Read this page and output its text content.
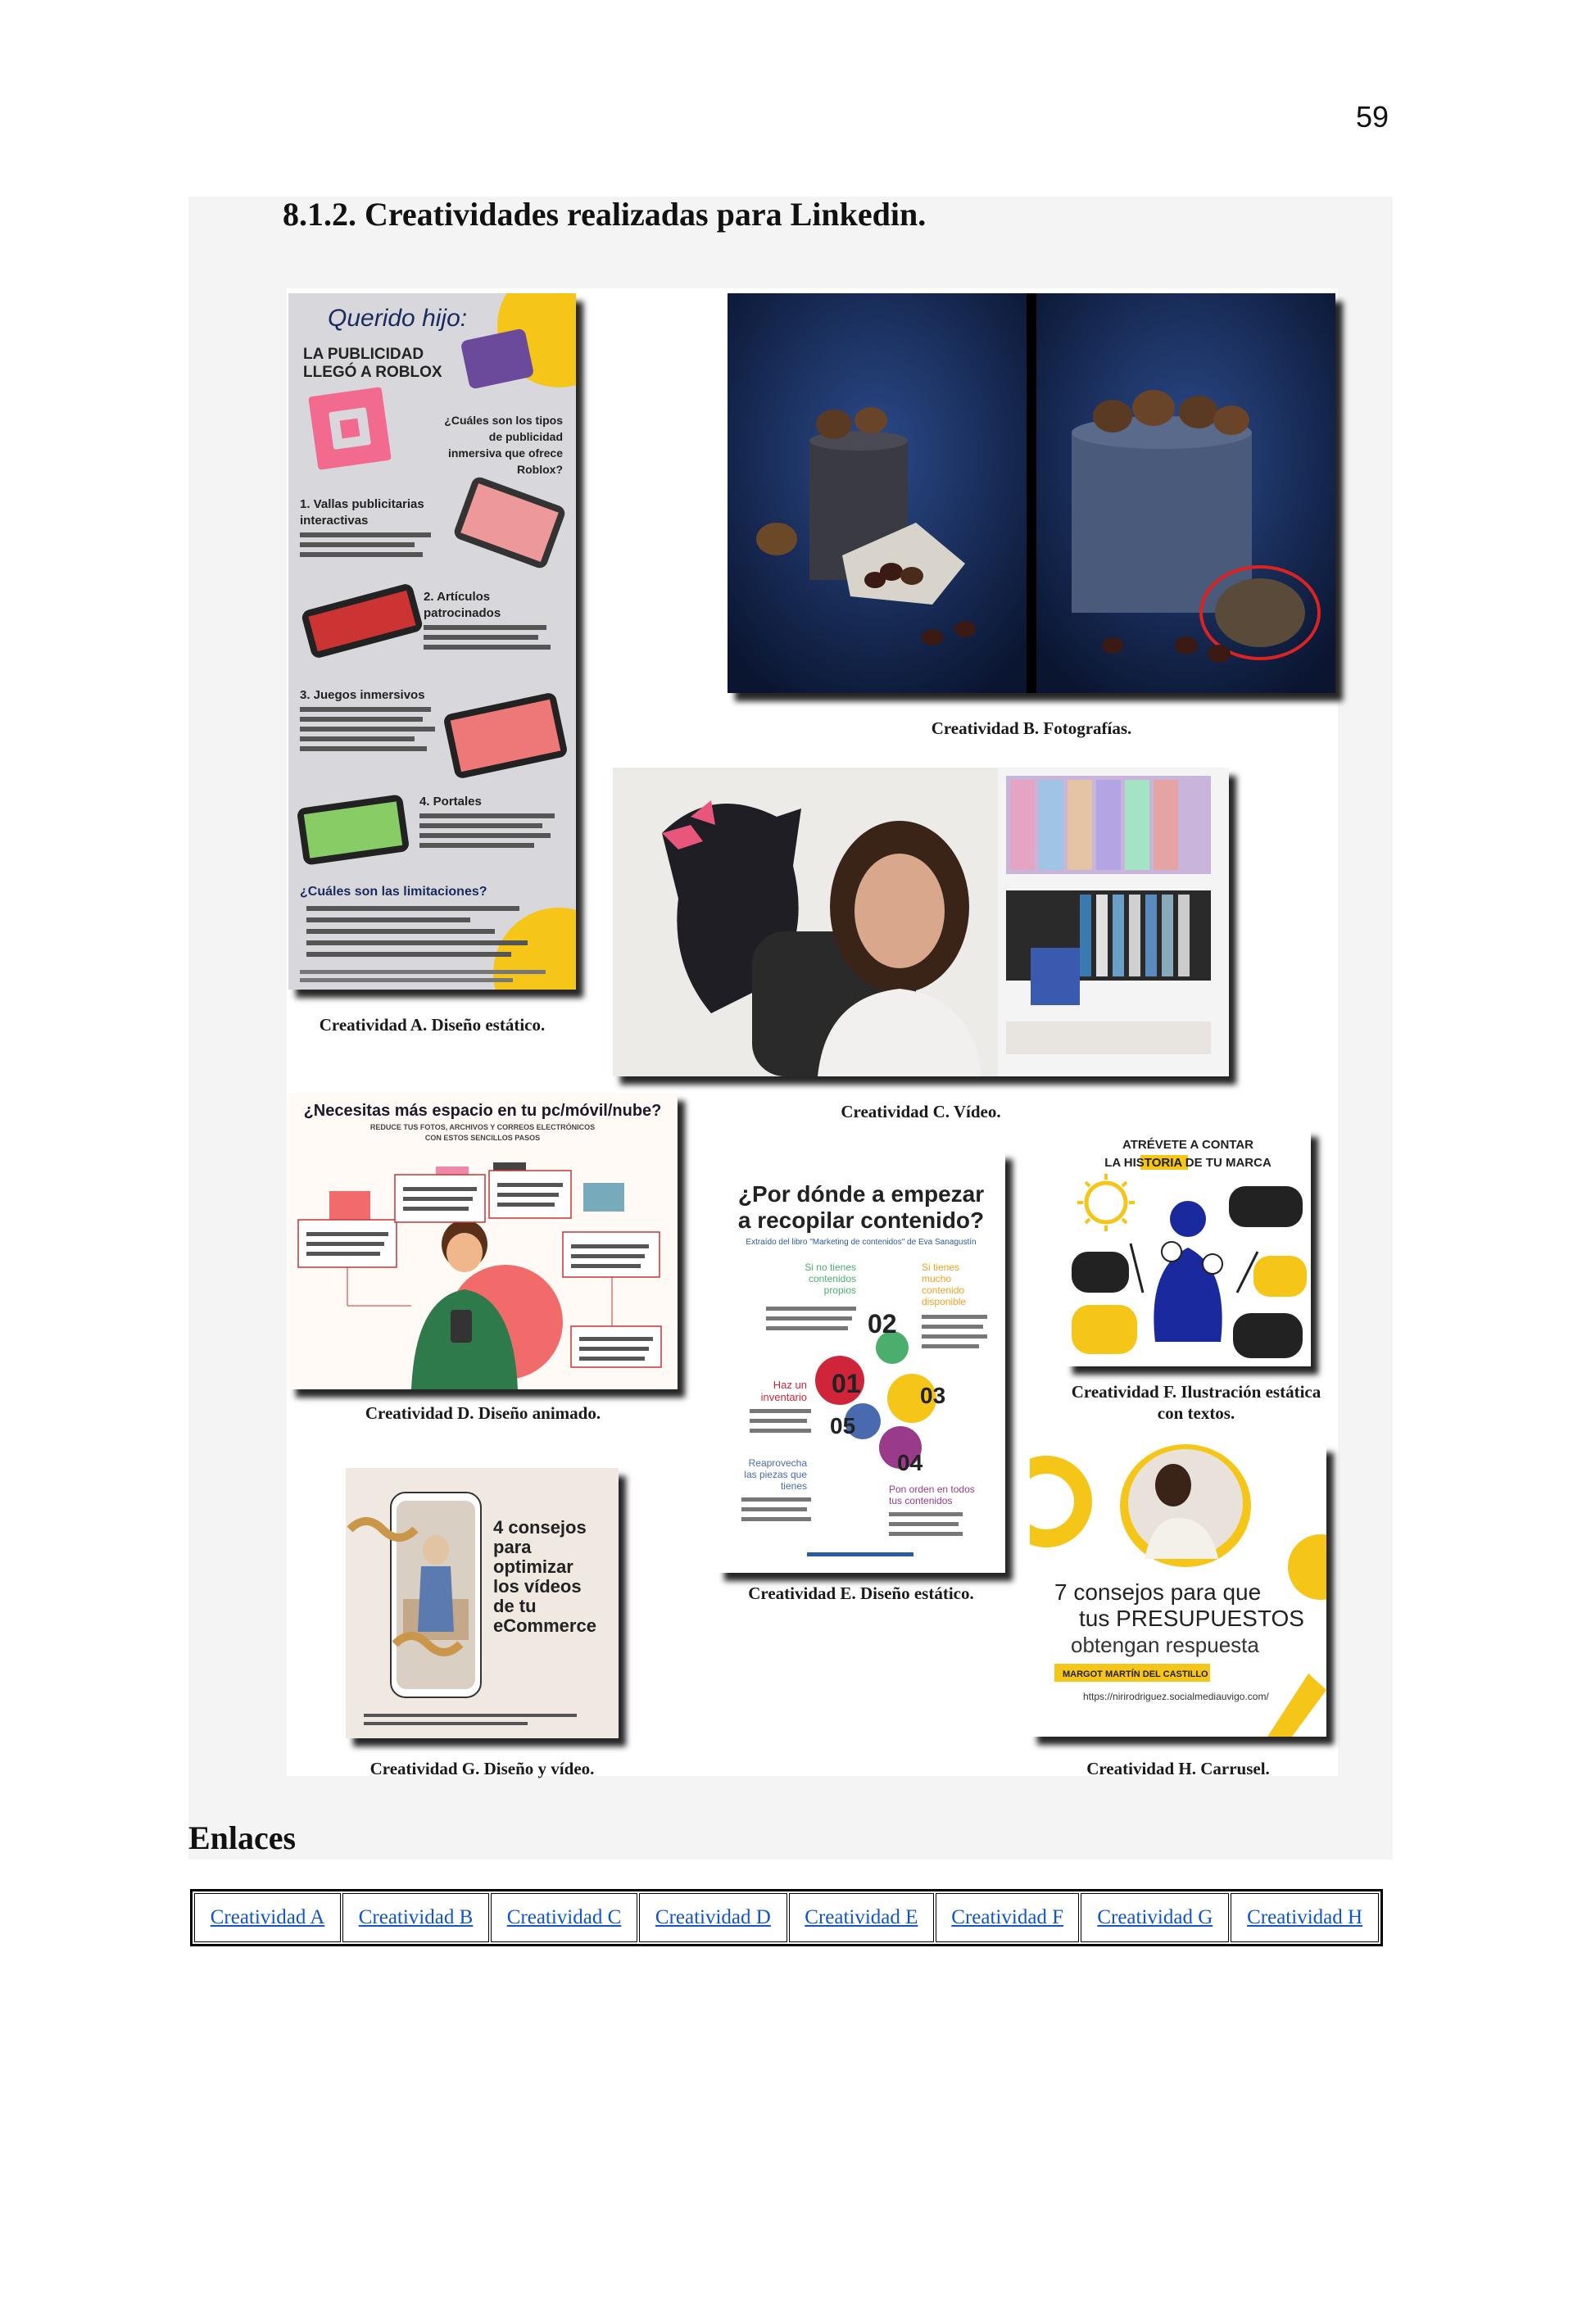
59
8.1.2. Creatividades realizadas para Linkedin.
Querido hijo:
LA PUBLICIDAD
LLEGÓ A ROBLOX
¿Cuáles son los tipos
de publicidad
inmersiva que ofrece
Roblox?
1. Vallas publicitarias
interactivas
2. Artículos
patrocinados
3. Juegos inmersivos
4. Portales
¿Cuáles son las limitaciones?
Creatividad A. Diseño estático.
Creatividad B. Fotografías.
Creatividad C. Vídeo.
¿Necesitas más espacio en tu pc/móvil/nube?
REDUCE TUS FOTOS, ARCHIVOS Y CORREOS ELECTRÓNICOS
CON ESTOS SENCILLOS PASOS
Creatividad D. Diseño animado.
¿Por dónde a empezar
a recopilar contenido?
Extraído del libro "Marketing de contenidos" de Eva Sanagustín
Si no tienes
contenidos
propios
Si tienes
mucho
contenido
disponible
Haz un
inventario
Reaprovecha
las piezas que
tienes	Pon orden en todos
tus contenidos
01
02
03
04
05
Creatividad E. Diseño estático.
ATRÉVETE A CONTAR
LA HISTORIA DE TU MARCA
Creatividad F. Ilustración estática con textos.
4 consejos
para
optimizar
los vídeos
de tu
eCommerce
Creatividad G. Diseño y vídeo.
7 consejos para que
tus PRESUPUESTOS
obtengan respuesta
MARGOT MARTÍN DEL CASTILLO
https://nirirodriguez.socialmediauvigo.com/
Creatividad H. Carrusel.
Enlaces
Creatividad A	Creatividad B	Creatividad C	Creatividad D	Creatividad E	Creatividad F	Creatividad G	Creatividad H
